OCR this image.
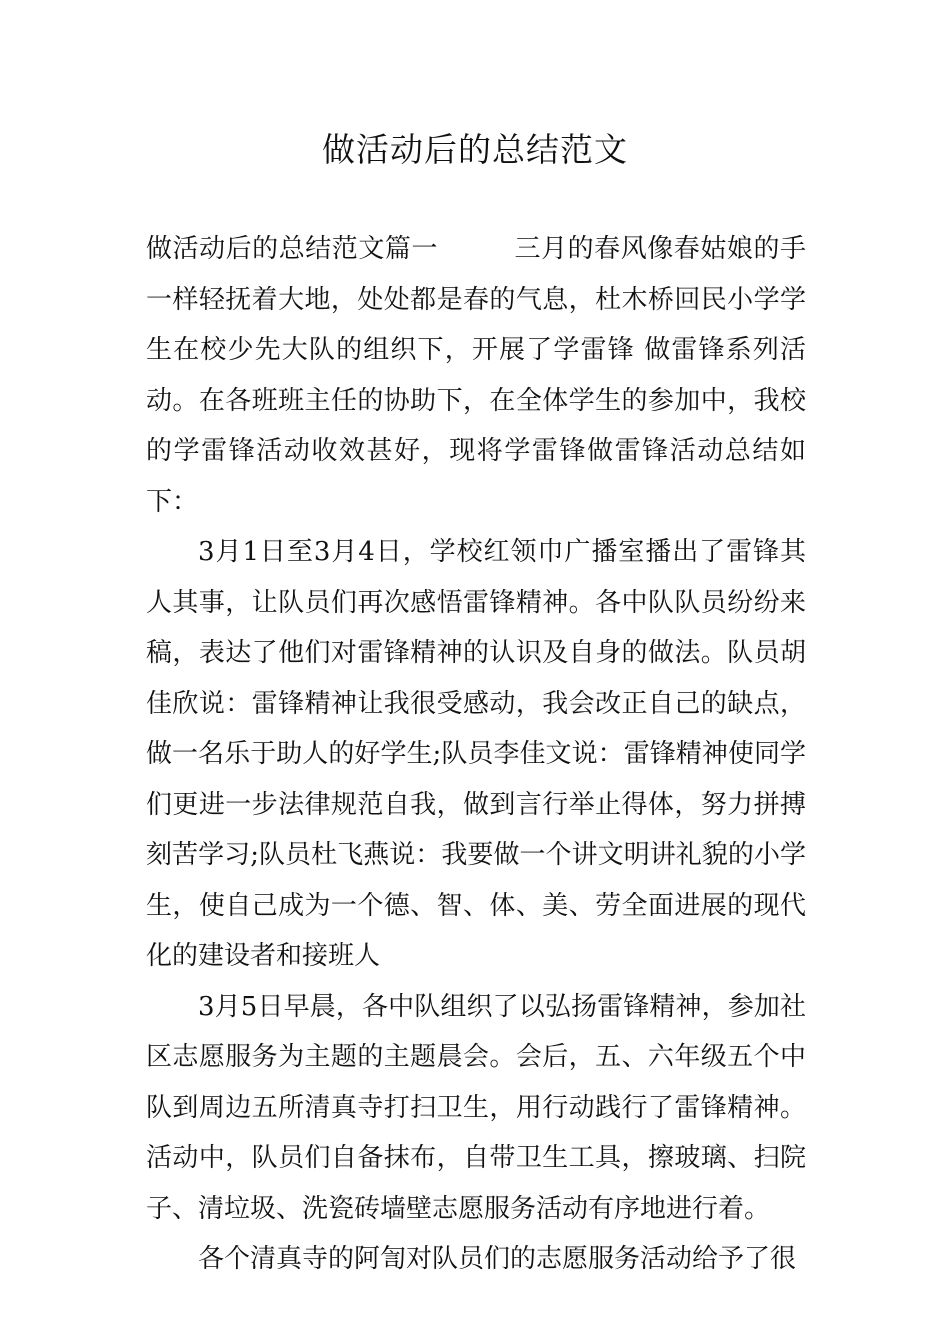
做活动后的总结范文

做活动后的总结范文篇一	三月的春风像春姑娘的手一样轻抚着大地，处处都是春的气息，杜木桥回民小学学生在校少先大队的组织下，开展了学雷锋 做雷锋系列活动。在各班班主任的协助下，在全体学生的参加中，我校的学雷锋活动收效甚好，现将学雷锋做雷锋活动总结如下：

3月1日至3月4日，学校红领巾广播室播出了雷锋其人其事，让队员们再次感悟雷锋精神。各中队队员纷纷来稿，表达了他们对雷锋精神的认识及自身的做法。队员胡佳欣说：雷锋精神让我很受感动，我会改正自己的缺点，做一名乐于助人的好学生;队员李佳文说：雷锋精神使同学们更进一步法律规范自我，做到言行举止得体，努力拼搏刻苦学习;队员杜飞燕说：我要做一个讲文明讲礼貌的小学生，使自己成为一个德、智、体、美、劳全面进展的现代化的建设者和接班人

3月5日早晨，各中队组织了以弘扬雷锋精神，参加社区志愿服务为主题的主题晨会。会后，五、六年级五个中队到周边五所清真寺打扫卫生，用行动践行了雷锋精神。活动中，队员们自备抹布，自带卫生工具，擦玻璃、扫院子、清垃圾、洗瓷砖墙壁志愿服务活动有序地进行着。

各个清真寺的阿訇对队员们的志愿服务活动给予了很
